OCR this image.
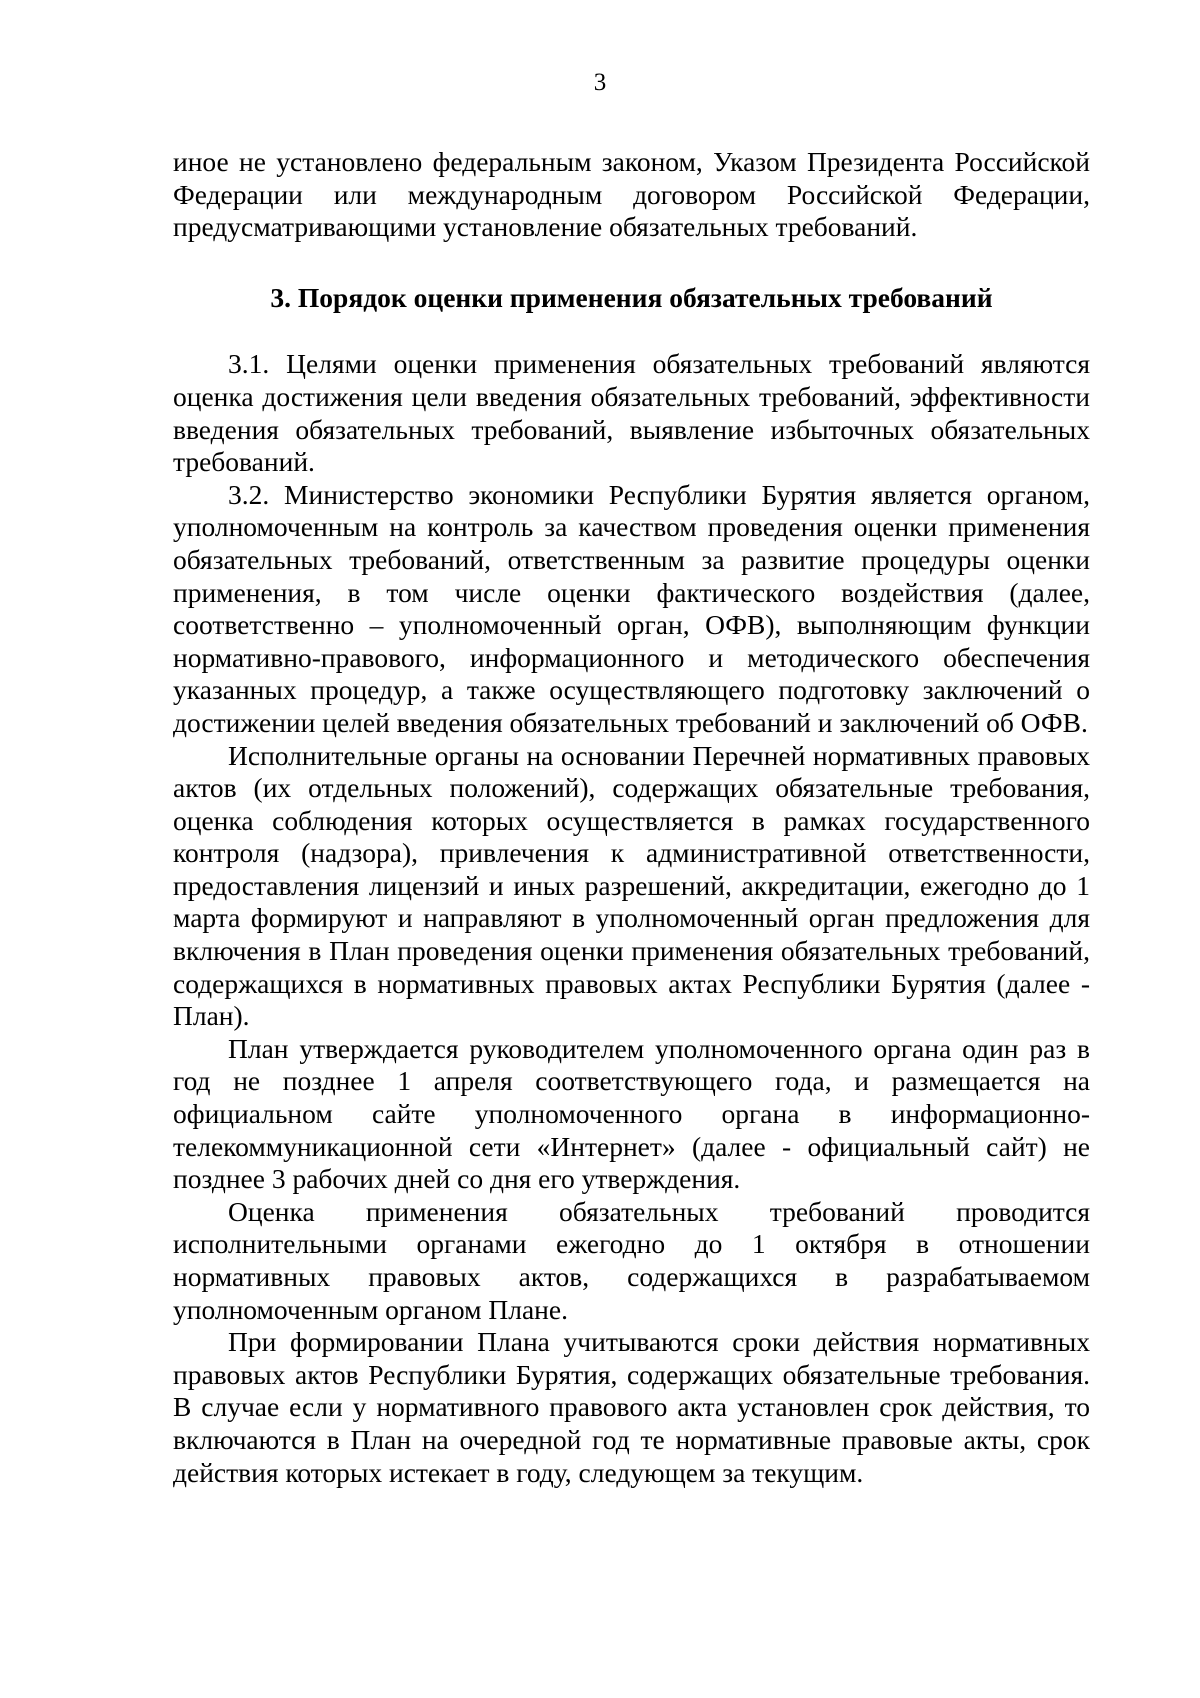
3

иное не установлено федеральным законом, Указом Президента Российской Федерации или международным договором Российской Федерации, предусматривающими установление обязательных требований.

3. Порядок оценки применения обязательных требований

3.1. Целями оценки применения обязательных требований являются оценка достижения цели введения обязательных требований, эффективности введения обязательных требований, выявление избыточных обязательных требований.

3.2. Министерство экономики Республики Бурятия является органом, уполномоченным на контроль за качеством проведения оценки применения обязательных требований, ответственным за развитие процедуры оценки применения, в том числе оценки фактического воздействия (далее, соответственно – уполномоченный орган, ОФВ), выполняющим функции нормативно-правового, информационного и методического обеспечения указанных процедур, а также осуществляющего подготовку заключений о достижении целей введения обязательных требований и заключений об ОФВ.

Исполнительные органы на основании Перечней нормативных правовых актов (их отдельных положений), содержащих обязательные требования, оценка соблюдения которых осуществляется в рамках государственного контроля (надзора), привлечения к административной ответственности, предоставления лицензий и иных разрешений, аккредитации, ежегодно до 1 марта формируют и направляют в уполномоченный орган предложения для включения в План проведения оценки применения обязательных требований, содержащихся в нормативных правовых актах Республики Бурятия (далее - План).

План утверждается руководителем уполномоченного органа один раз в год не позднее 1 апреля соответствующего года, и размещается на официальном сайте уполномоченного органа в информационно-телекоммуникационной сети «Интернет» (далее - официальный сайт) не позднее 3 рабочих дней со дня его утверждения.

Оценка применения обязательных требований проводится исполнительными органами ежегодно до 1 октября в отношении нормативных правовых актов, содержащихся в разрабатываемом уполномоченным органом Плане.

При формировании Плана учитываются сроки действия нормативных правовых актов Республики Бурятия, содержащих обязательные требования. В случае если у нормативного правового акта установлен срок действия, то включаются в План на очередной год те нормативные правовые акты, срок действия которых истекает в году, следующем за текущим.
